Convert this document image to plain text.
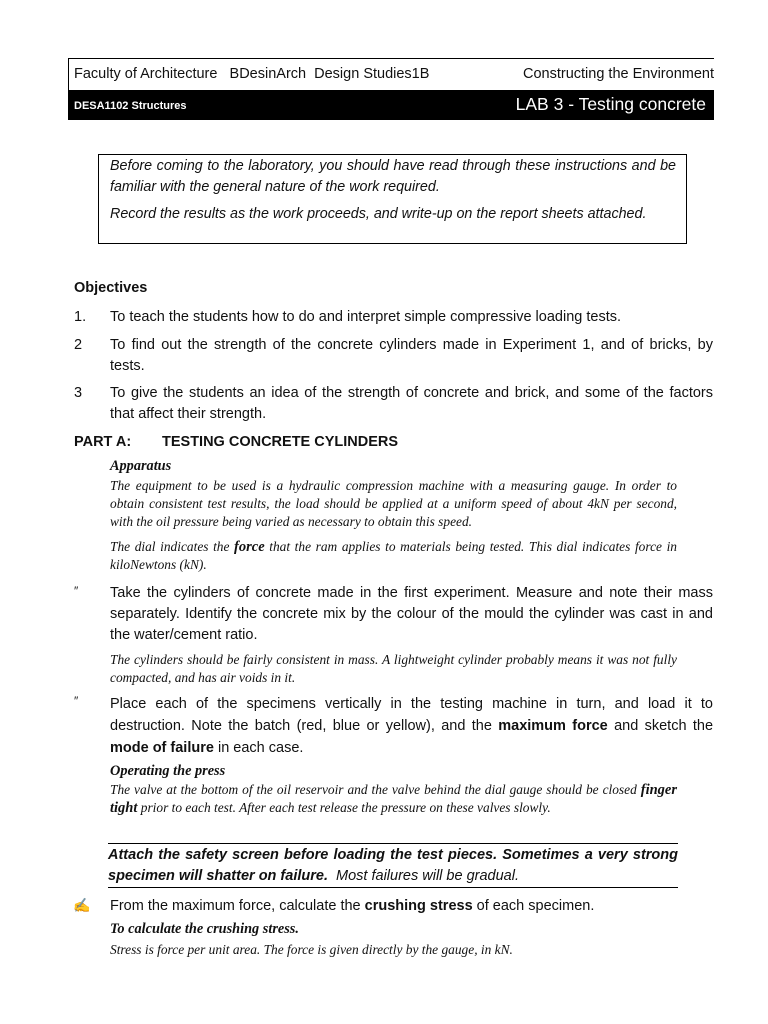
Faculty of Architecture   BDesinArch  Design Studies1B	Constructing the Environment
DESA1102 Structures	LAB 3 - Testing concrete

Before coming to the laboratory, you should have read through these instructions and be familiar with the general nature of the work required.

Record the results as the work proceeds, and write-up on the report sheets attached.

Objectives
1. To teach the students how to do and interpret simple compressive loading tests.
2 To find out the strength of the concrete cylinders made in Experiment 1, and of bricks, by tests.
3 To give the students an idea of the strength of concrete and brick, and some of the factors that affect their strength.
PART A: TESTING CONCRETE CYLINDERS
Apparatus
The equipment to be used is a hydraulic compression machine with a measuring gauge. In order to obtain consistent test results, the load should be applied at a uniform speed of about 4kN per second, with the oil pressure being varied as necessary to obtain this speed.
The dial indicates the force that the ram applies to materials being tested. This dial indicates force in kiloNewtons (kN).
″ Take the cylinders of concrete made in the first experiment. Measure and note their mass separately. Identify the concrete mix by the colour of the mould the cylinder was cast in and the water/cement ratio.
The cylinders should be fairly consistent in mass. A lightweight cylinder probably means it was not fully compacted, and has air voids in it.
″ Place each of the specimens vertically in the testing machine in turn, and load it to destruction. Note the batch (red, blue or yellow), and the maximum force and sketch the mode of failure in each case.
Operating the press
The valve at the bottom of the oil reservoir and the valve behind the dial gauge should be closed finger tight prior to each test. After each test release the pressure on these valves slowly.
Attach the safety screen before loading the test pieces. Sometimes a very strong specimen will shatter on failure.  Most failures will be gradual.
✍ From the maximum force, calculate the crushing stress of each specimen.
To calculate the crushing stress.
Stress is force per unit area. The force is given directly by the gauge, in kN.
